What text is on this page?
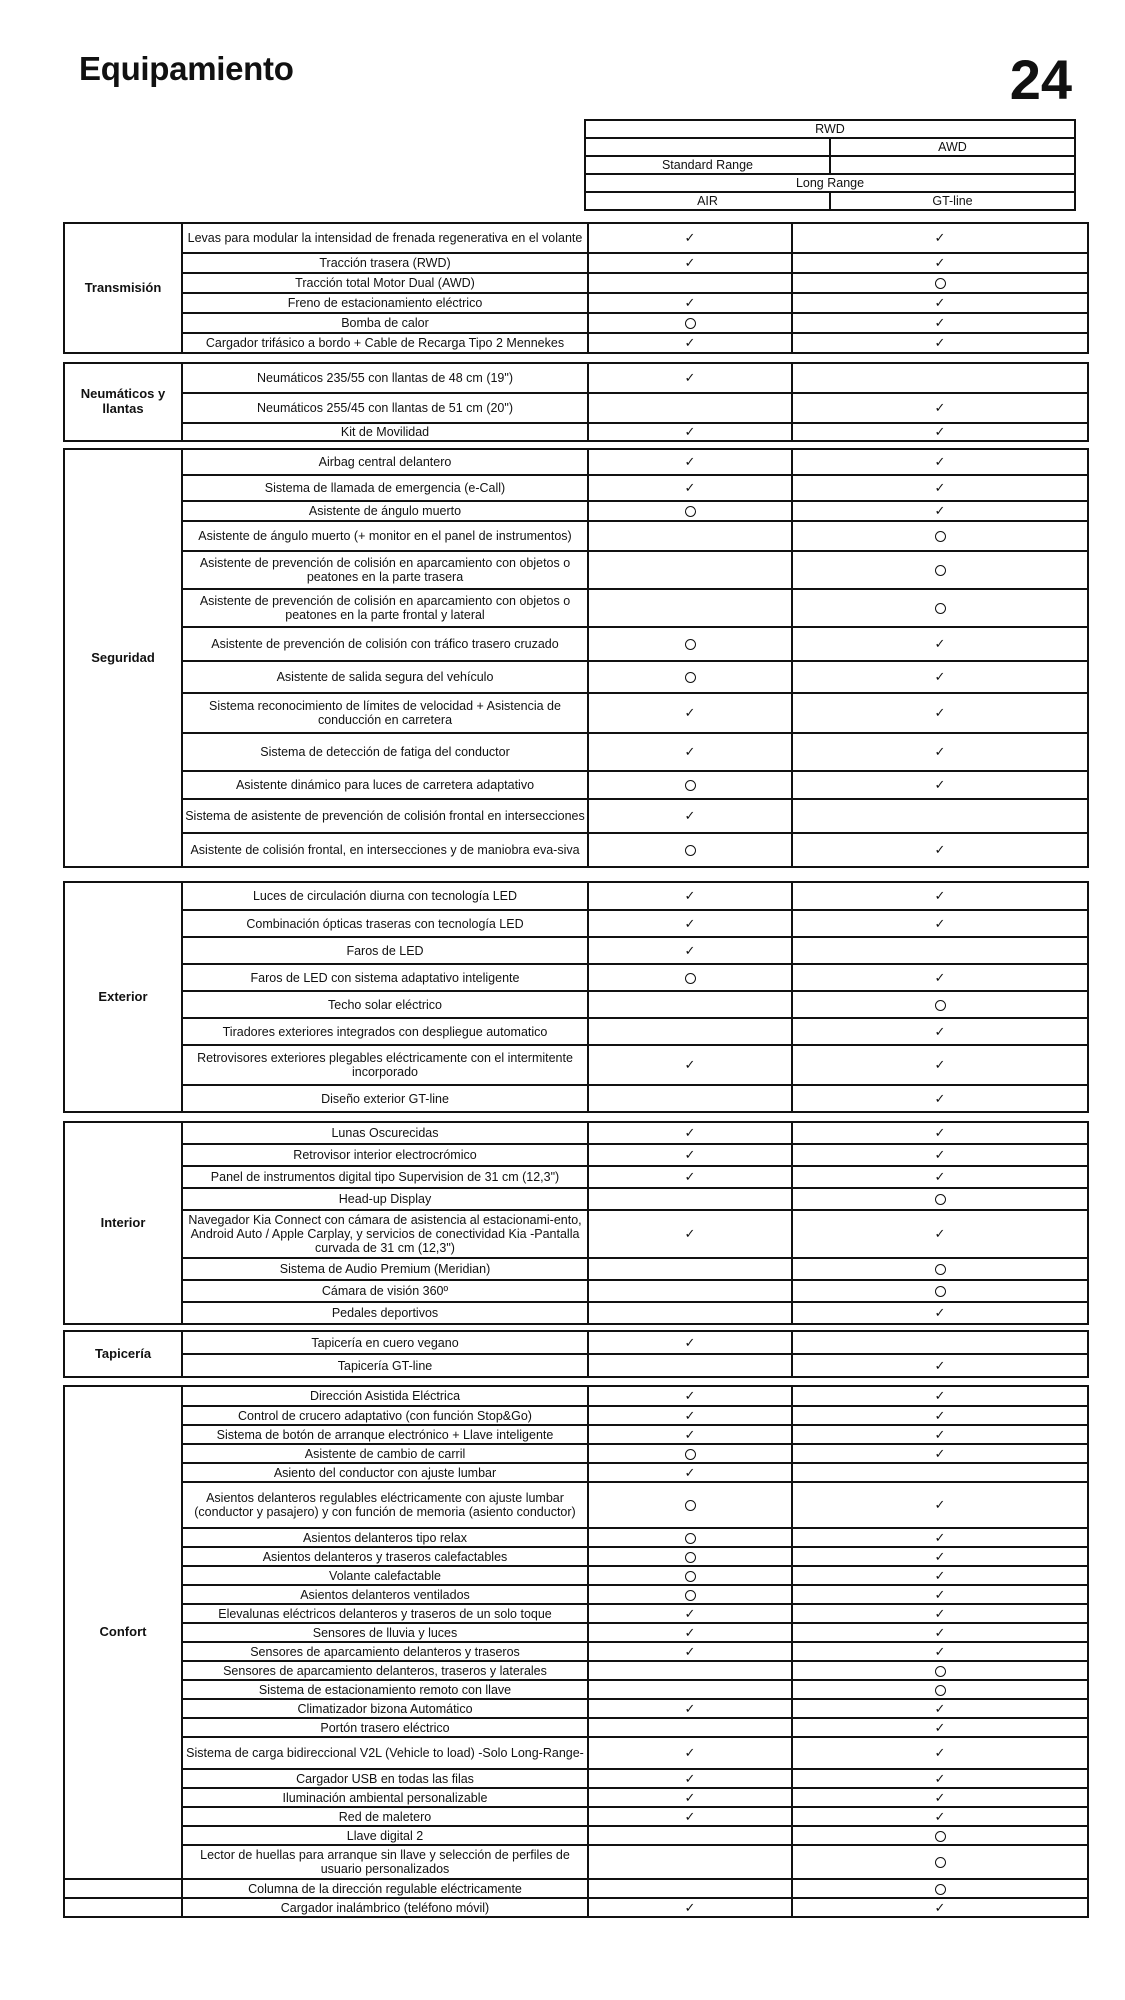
Equipamiento	24
RWD	
	AWD
Standard Range	
Long Range	
AIR	GT-line
Transmisión	Levas para modular la intensidad de frenada regenerativa en el volante	✓	✓
	Tracción trasera (RWD)	✓	✓
	Tracción total Motor Dual (AWD)		
	Freno de estacionamiento eléctrico	✓	✓
	Bomba de calor		✓
	Cargador trifásico a bordo + Cable de Recarga Tipo 2 Mennekes	✓	✓
Neumáticos y llantas	Neumáticos 235/55 con llantas de 48 cm (19")	✓	
	Neumáticos 255/45 con llantas de 51 cm (20")		✓
	Kit de Movilidad	✓	✓
Seguridad	Airbag central delantero	✓	✓
	Sistema de llamada de emergencia (e-Call)	✓	✓
	Asistente de ángulo muerto		✓
	Asistente de ángulo muerto (+ monitor en el panel de instrumentos)		
	Asistente de prevención de colisión en aparcamiento con objetos o peatones en la parte trasera		
	Asistente de prevención de colisión en aparcamiento con objetos o peatones en la parte frontal y lateral		
	Asistente de prevención de colisión con tráfico trasero cruzado		✓
	Asistente de salida segura del vehículo		✓
	Sistema reconocimiento de límites de velocidad + Asistencia de conducción en carretera	✓	✓
	Sistema de detección de fatiga del conductor	✓	✓
	Asistente dinámico para luces de carretera adaptativo		✓
	Sistema de asistente de prevención de colisión frontal en intersecciones	✓	
	Asistente de colisión frontal, en intersecciones y de maniobra eva-siva		✓
Exterior	Luces de circulación diurna con tecnología LED	✓	✓
	Combinación ópticas traseras con tecnología LED	✓	✓
	Faros de LED	✓	
	Faros de LED con sistema adaptativo inteligente		✓
	Techo solar eléctrico		
	Tiradores exteriores integrados con despliegue automatico		✓
	Retrovisores exteriores plegables eléctricamente con el intermitente incorporado	✓	✓
	Diseño exterior GT-line		✓
Interior	Lunas Oscurecidas	✓	✓
	Retrovisor interior electrocrómico	✓	✓
	Panel de instrumentos digital tipo Supervision de 31 cm (12,3")	✓	✓
	Head-up Display		
	Navegador Kia Connect con cámara de asistencia al estacionami-ento, Android Auto / Apple Carplay, y servicios de conectividad Kia -Pantalla curvada de 31 cm (12,3")	✓	✓
	Sistema de Audio Premium (Meridian)		
	Cámara de visión 360º		
	Pedales deportivos		✓
Tapicería	Tapicería en cuero vegano	✓	
	Tapicería GT-line		✓
Confort	Dirección Asistida Eléctrica	✓	✓
	Control de crucero adaptativo (con función Stop&Go)	✓	✓
	Sistema de botón de arranque electrónico + Llave inteligente	✓	✓
	Asistente de cambio de carril		✓
	Asiento del conductor con ajuste lumbar	✓	
	Asientos delanteros regulables eléctricamente con ajuste lumbar (conductor y pasajero) y con función de memoria (asiento conductor)		✓
	Asientos delanteros tipo relax		✓
	Asientos delanteros y traseros calefactables		✓
	Volante calefactable		✓
	Asientos delanteros ventilados		✓
	Elevalunas eléctricos delanteros y traseros de un solo toque	✓	✓
	Sensores de lluvia y luces	✓	✓
	Sensores de aparcamiento delanteros y traseros	✓	✓
	Sensores de aparcamiento delanteros, traseros y laterales		
	Sistema de estacionamiento remoto con llave		
	Climatizador bizona Automático	✓	✓
	Portón trasero eléctrico		✓
	Sistema de carga bidireccional V2L (Vehicle to load) -Solo Long-Range-	✓	✓
	Cargador USB en todas las filas	✓	✓
	Iluminación ambiental personalizable	✓	✓
	Red de maletero	✓	✓
	Llave digital 2		
	Lector de huellas para arranque sin llave y selección de perfiles de usuario personalizados		
	Columna de la dirección regulable eléctricamente		
	Cargador inalámbrico (teléfono móvil)	✓	✓
